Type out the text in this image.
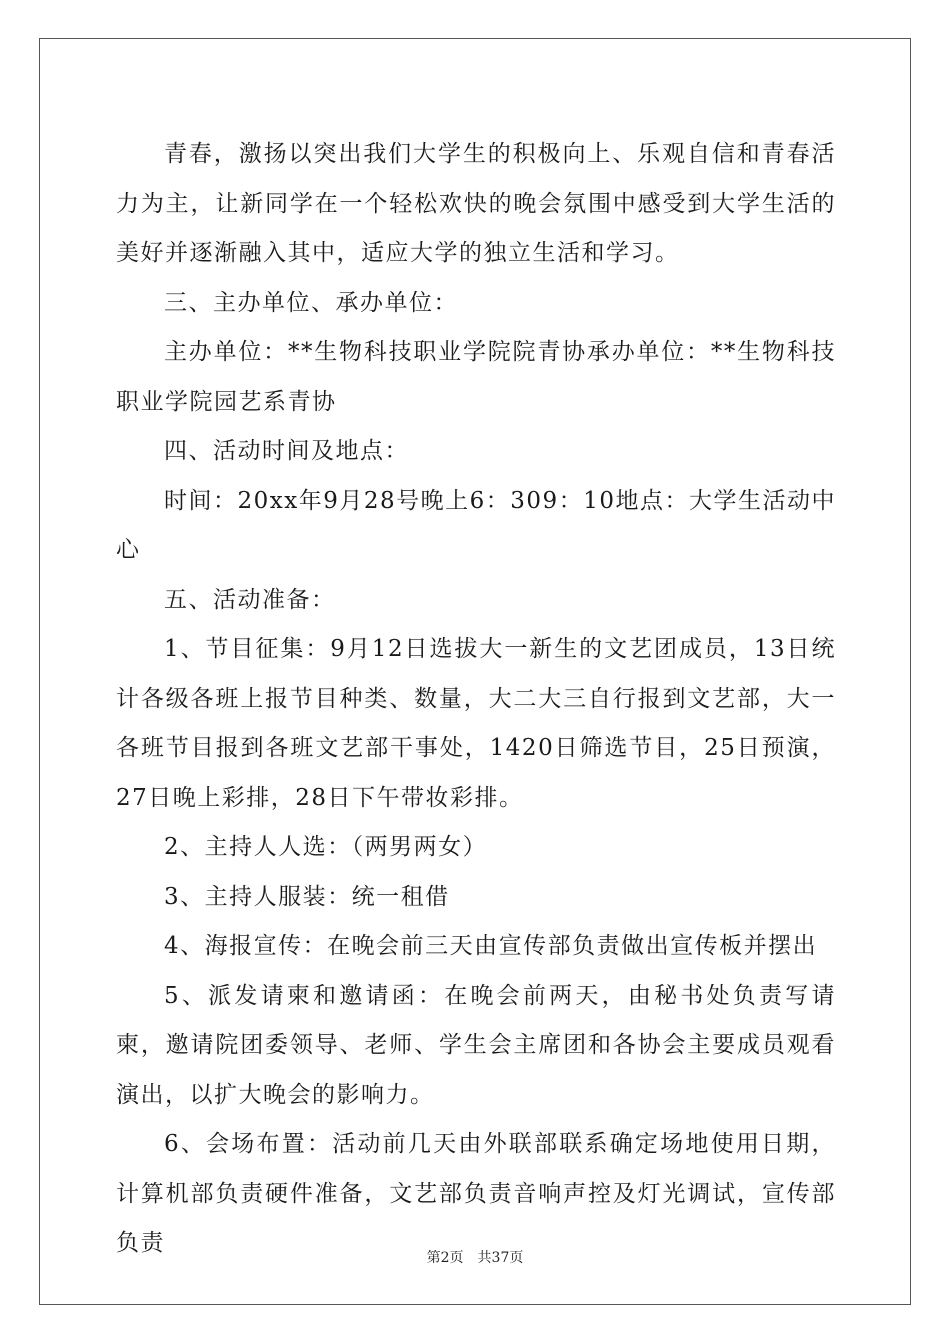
青春，激扬以突出我们大学生的积极向上、乐观自信和青春活力为主，让新同学在一个轻松欢快的晚会氛围中感受到大学生活的美好并逐渐融入其中，适应大学的独立生活和学习。

三、主办单位、承办单位：

主办单位：**生物科技职业学院院青协承办单位：**生物科技职业学院园艺系青协

四、活动时间及地点：

时间：20xx年9月28号晚上6：309：10地点：大学生活动中心

五、活动准备：

1、节目征集：9月12日选拔大一新生的文艺团成员，13日统计各级各班上报节目种类、数量，大二大三自行报到文艺部，大一各班节目报到各班文艺部干事处，1420日筛选节目，25日预演，27日晚上彩排，28日下午带妆彩排。

2、主持人人选：（两男两女）

3、主持人服装：统一租借

4、海报宣传：在晚会前三天由宣传部负责做出宣传板并摆出

5、派发请柬和邀请函：在晚会前两天，由秘书处负责写请柬，邀请院团委领导、老师、学生会主席团和各协会主要成员观看演出，以扩大晚会的影响力。

6、会场布置：活动前几天由外联部联系确定场地使用日期，计算机部负责硬件准备，文艺部负责音响声控及灯光调试，宣传部负责

第2页 共37页
